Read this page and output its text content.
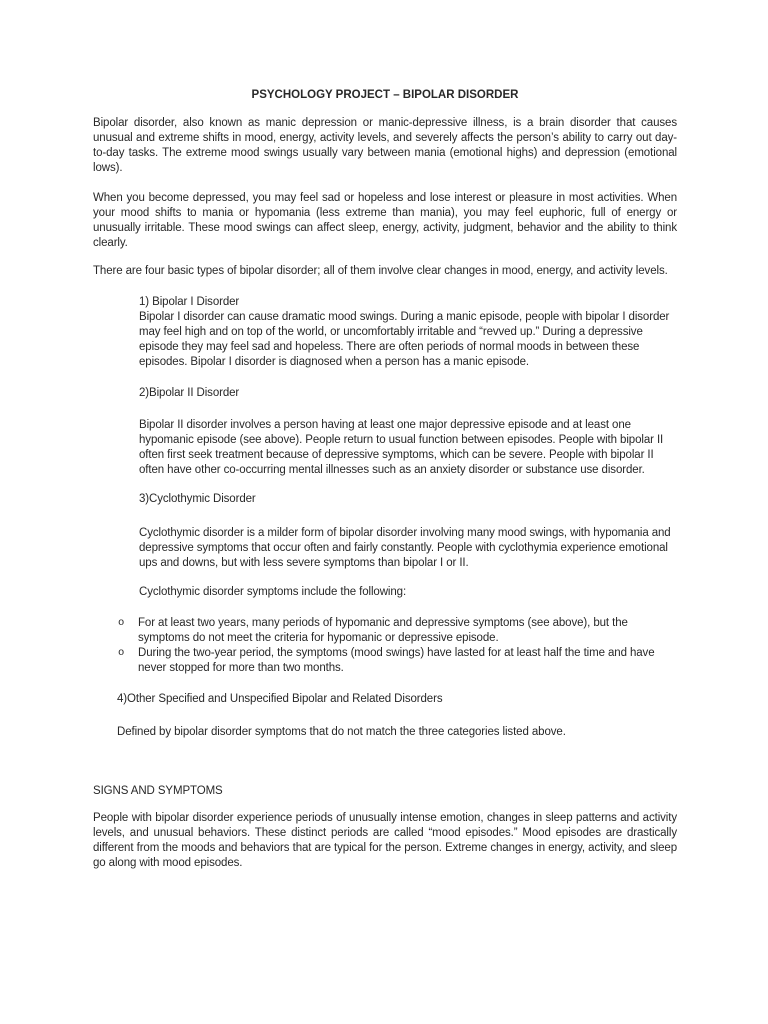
PSYCHOLOGY PROJECT – BIPOLAR DISORDER

Bipolar disorder, also known as manic depression or manic-depressive illness, is a brain disorder that causes unusual and extreme shifts in mood, energy, activity levels, and severely affects the person’s ability to carry out day-to-day tasks. The extreme mood swings usually vary between mania (emotional highs) and depression (emotional lows).

When you become depressed, you may feel sad or hopeless and lose interest or pleasure in most activities. When your mood shifts to mania or hypomania (less extreme than mania), you may feel euphoric, full of energy or unusually irritable. These mood swings can affect sleep, energy, activity, judgment, behavior and the ability to think clearly.

There are four basic types of bipolar disorder; all of them involve clear changes in mood, energy, and activity levels.

1) Bipolar I Disorder
Bipolar I disorder can cause dramatic mood swings. During a manic episode, people with bipolar I disorder may feel high and on top of the world, or uncomfortably irritable and “revved up.” During a depressive episode they may feel sad and hopeless. There are often periods of normal moods in between these episodes. Bipolar I disorder is diagnosed when a person has a manic episode.
2)Bipolar II Disorder
Bipolar II disorder involves a person having at least one major depressive episode and at least one hypomanic episode (see above). People return to usual function between episodes. People with bipolar II often first seek treatment because of depressive symptoms, which can be severe. People with bipolar II often have other co-occurring mental illnesses such as an anxiety disorder or substance use disorder.
3)Cyclothymic Disorder
Cyclothymic disorder is a milder form of bipolar disorder involving many mood swings, with hypomania and depressive symptoms that occur often and fairly constantly. People with cyclothymia experience emotional ups and downs, but with less severe symptoms than bipolar I or II.
Cyclothymic disorder symptoms include the following:
o	For at least two years, many periods of hypomanic and depressive symptoms (see above), but the symptoms do not meet the criteria for hypomanic or depressive episode.
o	During the two-year period, the symptoms (mood swings) have lasted for at least half the time and have never stopped for more than two months.
4)Other Specified and Unspecified Bipolar and Related Disorders
Defined by bipolar disorder symptoms that do not match the three categories listed above.
SIGNS AND SYMPTOMS

People with bipolar disorder experience periods of unusually intense emotion, changes in sleep patterns and activity levels, and unusual behaviors. These distinct periods are called “mood episodes.” Mood episodes are drastically different from the moods and behaviors that are typical for the person. Extreme changes in energy, activity, and sleep go along with mood episodes.
